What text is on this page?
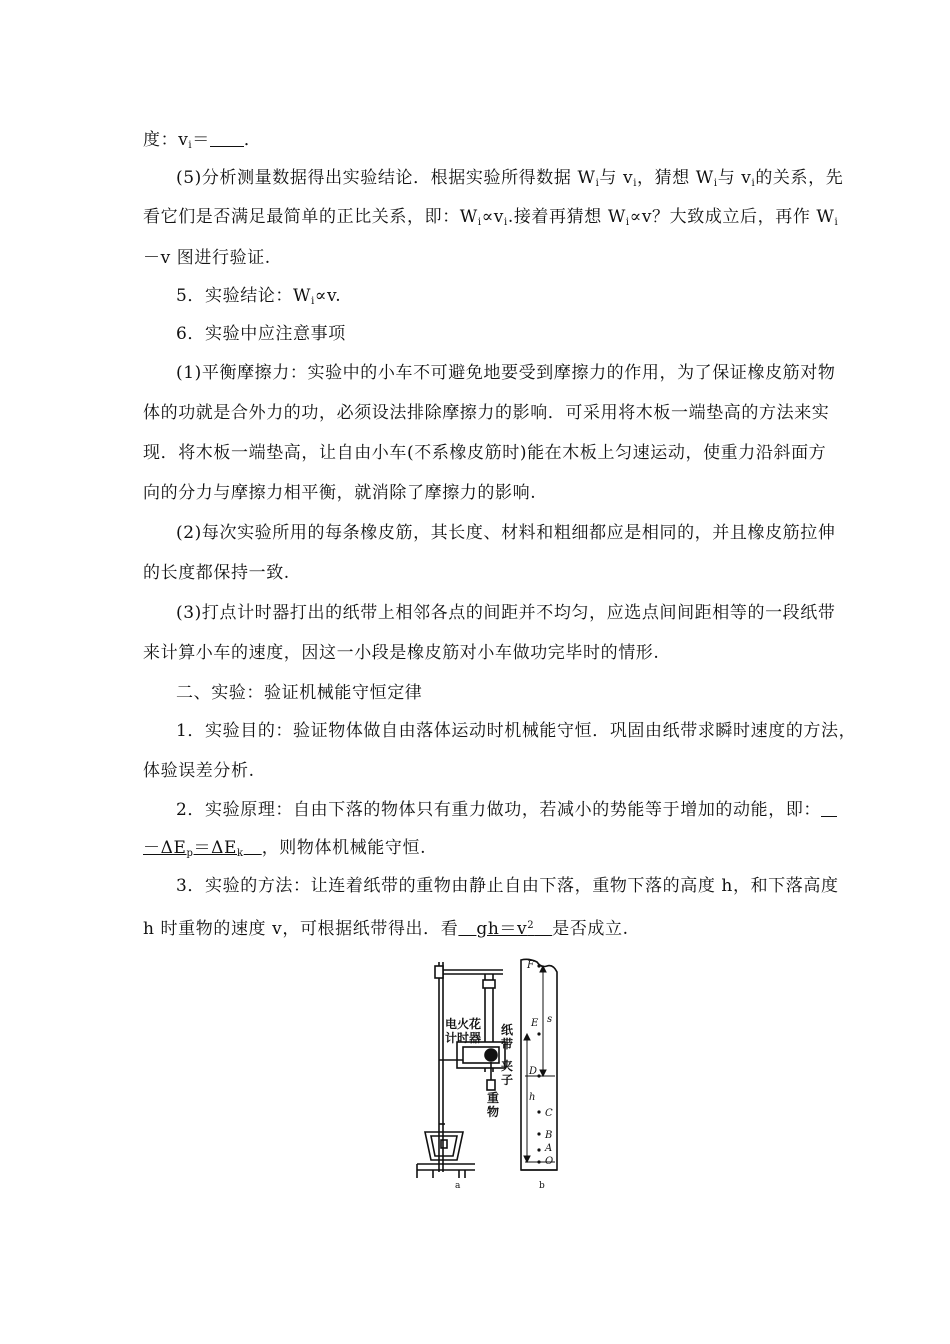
度：$v_i=$ ．
(5)分析测量数据得出实验结论．根据实验所得数据 $W_i$与 $v_i$，猜想 $W_i$与 $v_i$的关系，先
看它们是否满足最简单的正比关系，即：$W_i\propto v_i$.接着再猜想 $W_i\propto v$？大致成立后，再作 $W_i$
－v 图进行验证.
5．实验结论：$W_i\propto v$.
6．实验中应注意事项
(1)平衡摩擦力：实验中的小车不可避免地要受到摩擦力的作用，为了保证橡皮筋对物
体的功就是合外力的功，必须设法排除摩擦力的影响．可采用将木板一端垫高的方法来实
现．将木板一端垫高，让自由小车(不系橡皮筋时)能在木板上匀速运动，使重力沿斜面方
向的分力与摩擦力相平衡，就消除了摩擦力的影响.
(2)每次实验所用的每条橡皮筋，其长度、材料和粗细都应是相同的，并且橡皮筋拉伸
的长度都保持一致.
(3)打点计时器打出的纸带上相邻各点的间距并不均匀，应选点间间距相等的一段纸带
来计算小车的速度，因这一小段是橡皮筋对小车做功完毕时的情形.
二、实验：验证机械能守恒定律
1．实验目的：验证物体做自由落体运动时机械能守恒．巩固由纸带求瞬时速度的方法，
体验误差分析.
2．实验原理：自由下落的物体只有重力做功，若减小的势能等于增加的动能，即：
$-\Delta E_p=\Delta E_k$ ，则物体机械能守恒.
3．实验的方法：让连着纸带的重物由静止自由下落，重物下落的高度 h，和下落高度
h 时重物的速度 v，可根据纸带得出．看 $gh=v^2$ 是否成立.
电火花
计时器
纸
带
夹
子
重
物
a
F
E
D
C
B
A
O
s
h
b
